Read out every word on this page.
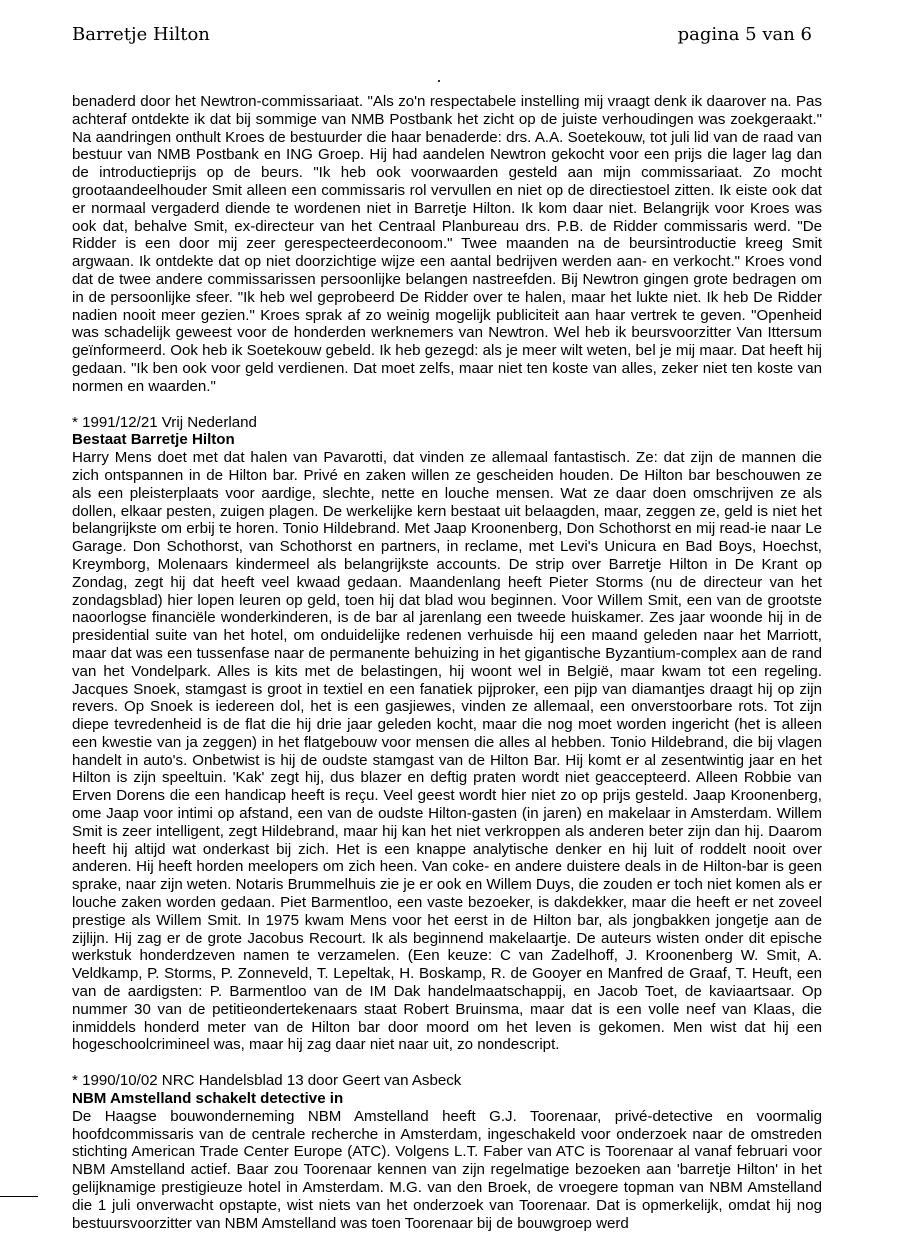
Barretje Hilton	pagina 5 van 6

benaderd door het Newtron-commissariaat. "Als zo'n respectabele instelling mij vraagt denk ik daarover na. Pas achteraf ontdekte ik dat bij sommige van NMB Postbank het zicht op de juiste verhoudingen was zoekgeraakt." Na aandringen onthult Kroes de bestuurder die haar benaderde: drs. A.A. Soetekouw, tot juli lid van de raad van bestuur van NMB Postbank en ING Groep. Hij had aandelen Newtron gekocht voor een prijs die lager lag dan de introductieprijs op de beurs. "Ik heb ook voorwaarden gesteld aan mijn commissariaat. Zo mocht grootaandeelhouder Smit alleen een commissaris rol vervullen en niet op de directiestoel zitten. Ik eiste ook dat er normaal vergaderd diende te wordenen niet in Barretje Hilton. Ik kom daar niet. Belangrijk voor Kroes was ook dat, behalve Smit, ex-directeur van het Centraal Planbureau drs. P.B. de Ridder commissaris werd. "De Ridder is een door mij zeer gerespecteerdeconoom." Twee maanden na de beursintroductie kreeg Smit argwaan. Ik ontdekte dat op niet doorzichtige wijze een aantal bedrijven werden aan- en verkocht." Kroes vond dat de twee andere commissarissen persoonlijke belangen nastreefden. Bij Newtron gingen grote bedragen om in de persoonlijke sfeer. "Ik heb wel geprobeerd De Ridder over te halen, maar het lukte niet. Ik heb De Ridder nadien nooit meer gezien." Kroes sprak af zo weinig mogelijk publiciteit aan haar vertrek te geven. "Openheid was schadelijk geweest voor de honderden werknemers van Newtron. Wel heb ik beursvoorzitter Van Ittersum geïnformeerd. Ook heb ik Soetekouw gebeld. Ik heb gezegd: als je meer wilt weten, bel je mij maar. Dat heeft hij gedaan. "Ik ben ook voor geld verdienen. Dat moet zelfs, maar niet ten koste van alles, zeker niet ten koste van normen en waarden."

* 1991/12/21 Vrij Nederland

Bestaat Barretje Hilton

Harry Mens doet met dat halen van Pavarotti, dat vinden ze allemaal fantastisch. Ze: dat zijn de mannen die zich ontspannen in de Hilton bar. Privé en zaken willen ze gescheiden houden. De Hilton bar beschouwen ze als een pleisterplaats voor aardige, slechte, nette en louche mensen. Wat ze daar doen omschrijven ze als dollen, elkaar pesten, zuigen plagen. De werkelijke kern bestaat uit belaagden, maar, zeggen ze, geld is niet het belangrijkste om erbij te horen. Tonio Hildebrand. Met Jaap Kroonenberg, Don Schothorst en mij read-ie naar Le Garage. Don Schothorst, van Schothorst en partners, in reclame, met Levi's Unicura en Bad Boys, Hoechst, Kreymborg, Molenaars kindermeel als belangrijkste accounts. De strip over Barretje Hilton in De Krant op Zondag, zegt hij dat heeft veel kwaad gedaan. Maandenlang heeft Pieter Storms (nu de directeur van het zondagsblad) hier lopen leuren op geld, toen hij dat blad wou beginnen. Voor Willem Smit, een van de grootste naoorlogse financiële wonderkinderen, is de bar al jarenlang een tweede huiskamer. Zes jaar woonde hij in de presidential suite van het hotel, om onduidelijke redenen verhuisde hij een maand geleden naar het Marriott, maar dat was een tussenfase naar de permanente behuizing in het gigantische Byzantium-complex aan de rand van het Vondelpark. Alles is kits met de belastingen, hij woont wel in België, maar kwam tot een regeling. Jacques Snoek, stamgast is groot in textiel en een fanatiek pijproker, een pijp van diamantjes draagt hij op zijn revers. Op Snoek is iedereen dol, het is een gasjiewes, vinden ze allemaal, een onverstoorbare rots. Tot zijn diepe tevredenheid is de flat die hij drie jaar geleden kocht, maar die nog moet worden ingericht (het is alleen een kwestie van ja zeggen) in het flatgebouw voor mensen die alles al hebben. Tonio Hildebrand, die bij vlagen handelt in auto's. Onbetwist is hij de oudste stamgast van de Hilton Bar. Hij komt er al zesentwintig jaar en het Hilton is zijn speeltuin. 'Kak' zegt hij, dus blazer en deftig praten wordt niet geaccepteerd. Alleen Robbie van Erven Dorens die een handicap heeft is reçu. Veel geest wordt hier niet zo op prijs gesteld. Jaap Kroonenberg, ome Jaap voor intimi op afstand, een van de oudste Hilton-gasten (in jaren) en makelaar in Amsterdam. Willem Smit is zeer intelligent, zegt Hildebrand, maar hij kan het niet verkroppen als anderen beter zijn dan hij. Daarom heeft hij altijd wat onderkast bij zich. Het is een knappe analytische denker en hij luit of roddelt nooit over anderen. Hij heeft horden meelopers om zich heen. Van coke- en andere duistere deals in de Hilton-bar is geen sprake, naar zijn weten. Notaris Brummelhuis zie je er ook en Willem Duys, die zouden er toch niet komen als er louche zaken worden gedaan. Piet Barmentloo, een vaste bezoeker, is dakdekker, maar die heeft er net zoveel prestige als Willem Smit. In 1975 kwam Mens voor het eerst in de Hilton bar, als jongbakken jongetje aan de zijlijn. Hij zag er de grote Jacobus Recourt. Ik als beginnend makelaartje. De auteurs wisten onder dit epische werkstuk honderdzeven namen te verzamelen. (Een keuze: C van Zadelhoff, J. Kroonenberg W. Smit, A. Veldkamp, P. Storms, P. Zonneveld, T. Lepeltak, H. Boskamp, R. de Gooyer en Manfred de Graaf, T. Heuft, een van de aardigsten: P. Barmentloo van de IM Dak handelmaatschappij, en Jacob Toet, de kaviaartsaar. Op nummer 30 van de petitieondertekenaars staat Robert Bruinsma, maar dat is een volle neef van Klaas, die inmiddels honderd meter van de Hilton bar door moord om het leven is gekomen. Men wist dat hij een hogeschoolcrimineel was, maar hij zag daar niet naar uit, zo nondescript.

* 1990/10/02 NRC Handelsblad 13 door Geert van Asbeck

NBM Amstelland schakelt detective in

De Haagse bouwonderneming NBM Amstelland heeft G.J. Toorenaar, privé-detective en voormalig hoofdcommissaris van de centrale recherche in Amsterdam, ingeschakeld voor onderzoek naar de omstreden stichting American Trade Center Europe (ATC). Volgens L.T. Faber van ATC is Toorenaar al vanaf februari voor NBM Amstelland actief. Baar zou Toorenaar kennen van zijn regelmatige bezoeken aan 'barretje Hilton' in het gelijknamige prestigieuze hotel in Amsterdam. M.G. van den Broek, de vroegere topman van NBM Amstelland die 1 juli onverwacht opstapte, wist niets van het onderzoek van Toorenaar. Dat is opmerkelijk, omdat hij nog bestuursvoorzitter van NBM Amstelland was toen Toorenaar bij de bouwgroep werd
